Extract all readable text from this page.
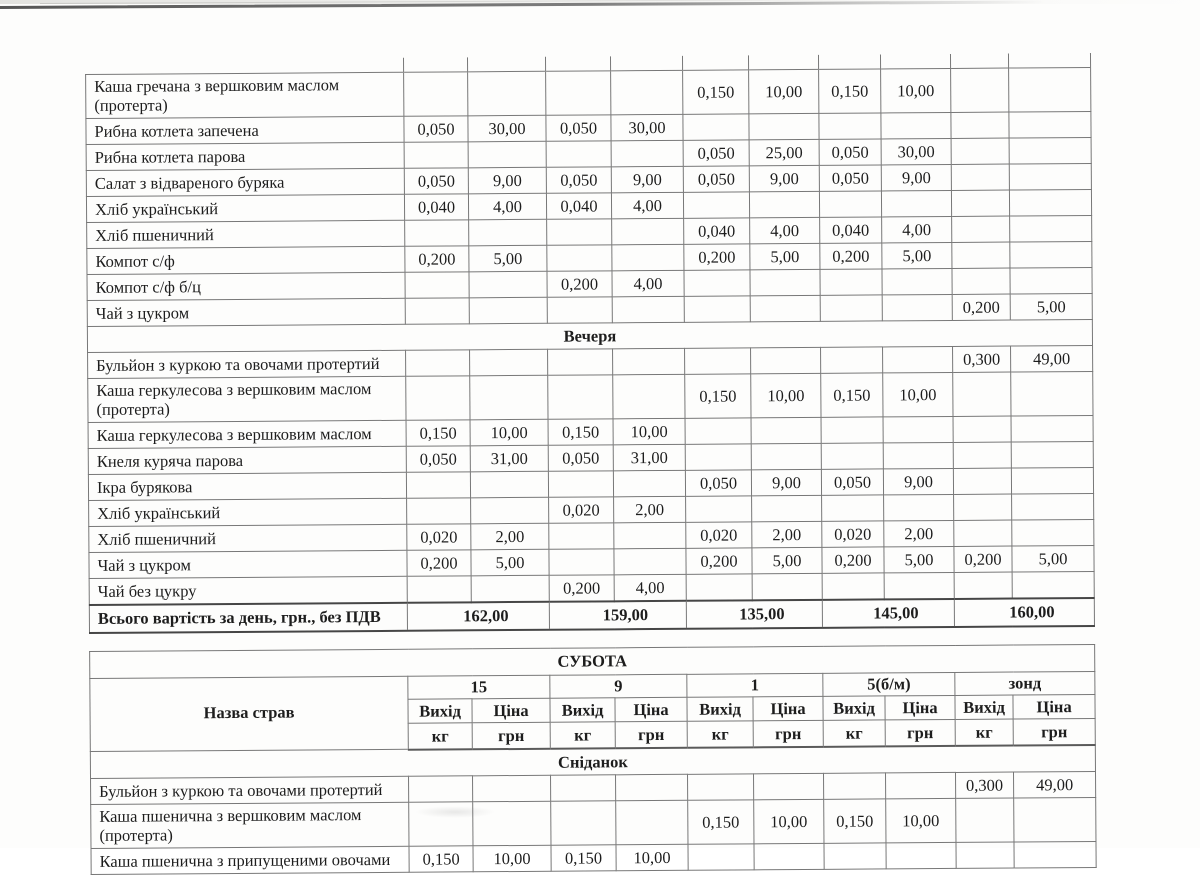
Каша гречана з вершковим маслом
(протерта)					0,150	10,00	0,150	10,00		

Рибна котлета запечена	0,050	30,00	0,050	30,00						

Рибна котлета парова					0,050	25,00	0,050	30,00		

Салат з відвареного буряка	0,050	9,00	0,050	9,00	0,050	9,00	0,050	9,00		

Хліб український	0,040	4,00	0,040	4,00						

Хліб пшеничний					0,040	4,00	0,040	4,00		

Компот с/ф	0,200	5,00			0,200	5,00	0,200	5,00		

Компот с/ф б/ц			0,200	4,00						

Чай з цукром									0,200	5,00
Вечеря										

Бульйон з куркою та овочами протертий									0,300	49,00

Каша геркулесова з вершковим маслом
(протерта)					0,150	10,00	0,150	10,00		

Каша геркулесова з вершковим маслом	0,150	10,00	0,150	10,00						

Кнеля куряча парова	0,050	31,00	0,050	31,00						

Ікра бурякова					0,050	9,00	0,050	9,00		

Хліб український			0,020	2,00						

Хліб пшеничний	0,020	2,00			0,020	2,00	0,020	2,00		

Чай з цукром	0,200	5,00			0,200	5,00	0,200	5,00	0,200	5,00

Чай без цукру			0,200	4,00						
Всього вартість за день, грн., без ПДВ	162,00		159,00		135,00		145,00		160,00	
СУБОТА										
Назва страв	15		9		1		5(б/м)		зонд	
	Вихід	Ціна	Вихід	Ціна	Вихід	Ціна	Вихід	Ціна	Вихід	Ціна
	кг	грн	кг	грн	кг	грн	кг	грн	кг	грн
Сніданок										

Бульйон з куркою та овочами протертий									0,300	49,00

Каша пшенична з вершковим маслом
(протерта)					0,150	10,00	0,150	10,00		

Каша пшенична з припущеними овочами	0,150	10,00	0,150	10,00						
